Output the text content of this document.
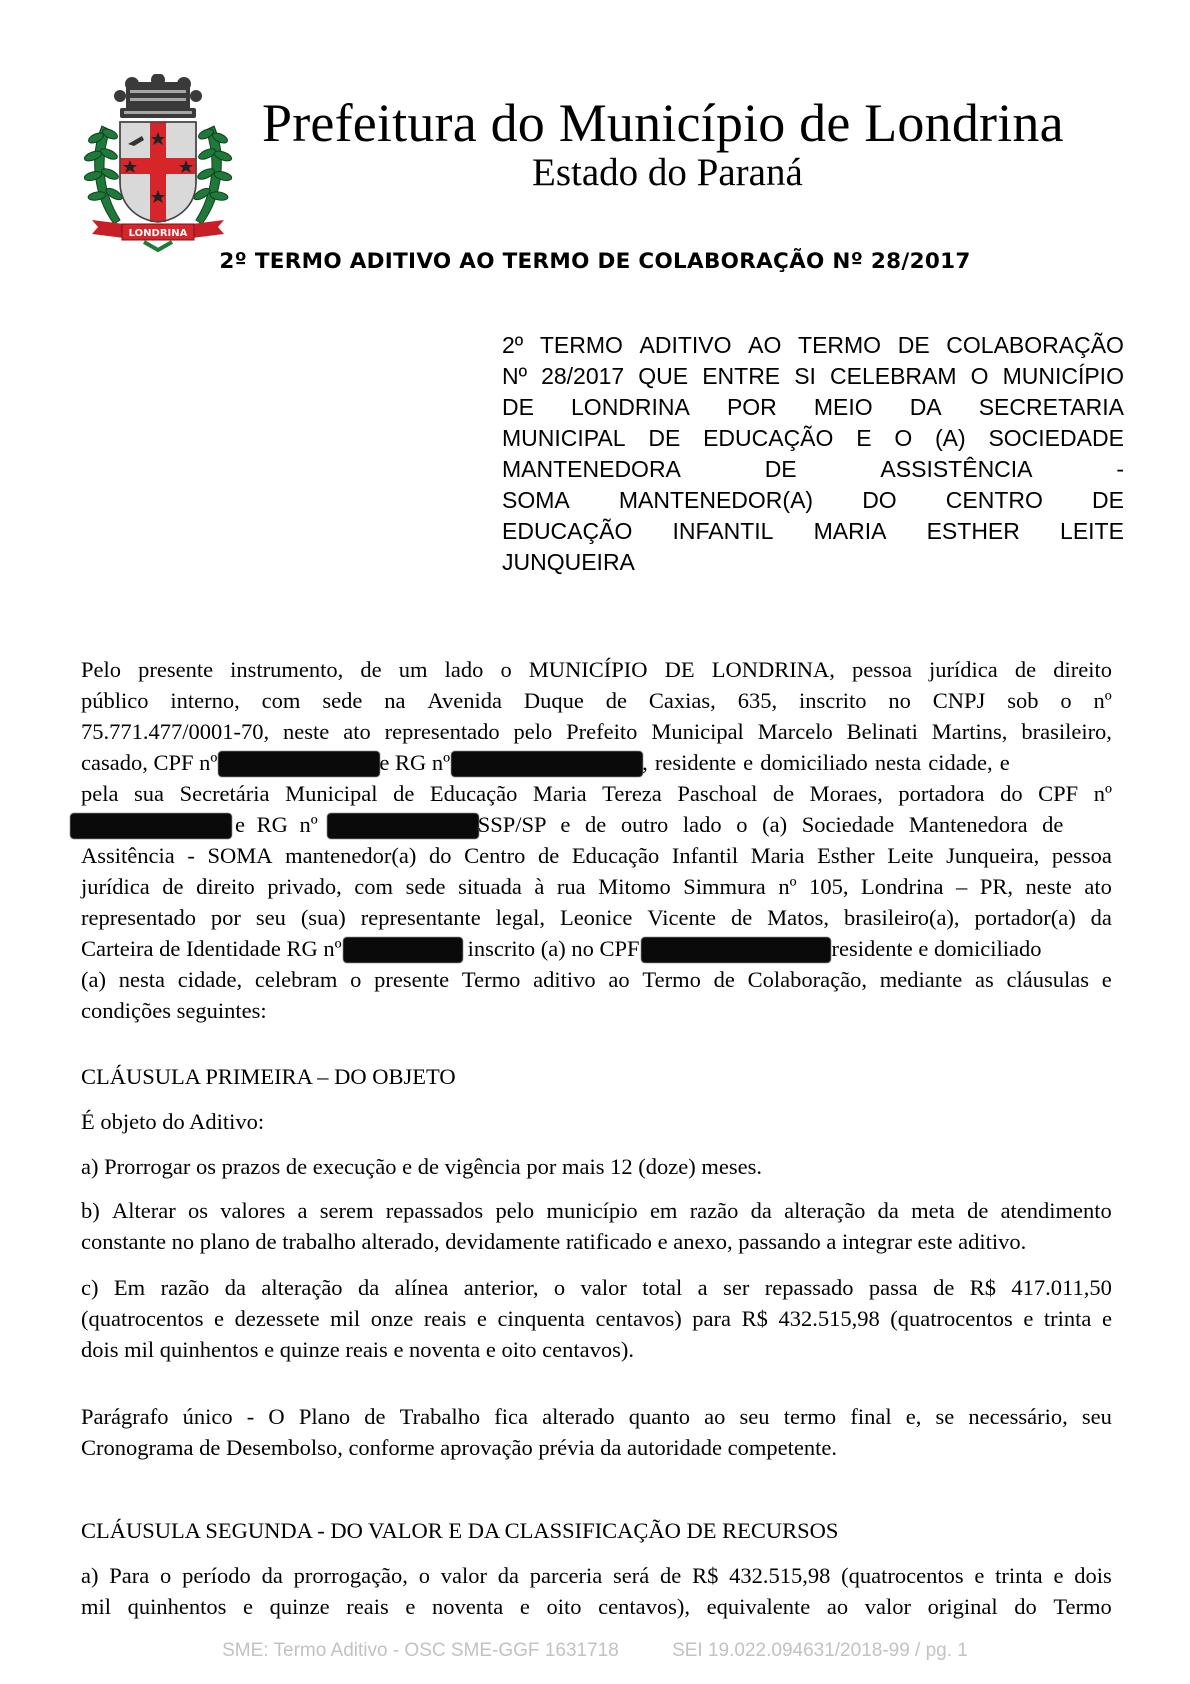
LONDRINA
Prefeitura do Município de Londrina
Estado do Paraná
2º TERMO ADITIVO AO TERMO DE COLABORAÇÃO Nº 28/2017
2º TERMO ADITIVO AO TERMO DE COLABORAÇÃO
Nº 28/2017 QUE ENTRE SI CELEBRAM O MUNICÍPIO
DE LONDRINA POR MEIO DA SECRETARIA
MUNICIPAL DE EDUCAÇÃO E O (A) SOCIEDADE
MANTENEDORA	DE	ASSISTÊNCIA	-
SOMA MANTENEDOR(A) DO CENTRO DE
EDUCAÇÃO INFANTIL MARIA ESTHER LEITE
JUNQUEIRA
Pelo presente instrumento, de um lado o MUNICÍPIO DE LONDRINA, pessoa jurídica de direito
público interno, com sede na Avenida Duque de Caxias, 635, inscrito no CNPJ sob o nº
75.771.477/0001-70, neste ato representado pelo Prefeito Municipal Marcelo Belinati Martins, brasileiro,
casado, CPF nº	e RG nº	, residente e domiciliado nesta cidade, e
pela sua Secretária Municipal de Educação Maria Tereza Paschoal de Moraes, portadora do CPF nº
e RG nº	SSP/SP e de outro lado o (a) Sociedade Mantenedora de
Assitência - SOMA mantenedor(a) do Centro de Educação Infantil Maria Esther Leite Junqueira, pessoa
jurídica de direito privado, com sede situada à rua Mitomo Simmura nº 105, Londrina – PR, neste ato
representado por seu (sua) representante legal, Leonice Vicente de Matos, brasileiro(a), portador(a) da
Carteira de Identidade RG nº	inscrito (a) no CPF	residente e domiciliado
(a) nesta cidade, celebram o presente Termo aditivo ao Termo de Colaboração, mediante as cláusulas e
condições seguintes:
CLÁUSULA PRIMEIRA – DO OBJETO
É objeto do Aditivo:
a) Prorrogar os prazos de execução e de vigência por mais 12 (doze) meses.
b) Alterar os valores a serem repassados pelo município em razão da alteração da meta de atendimento
constante no plano de trabalho alterado, devidamente ratificado e anexo, passando a integrar este aditivo.
c) Em razão da alteração da alínea anterior, o valor total a ser repassado passa de R$ 417.011,50
(quatrocentos e dezessete mil onze reais e cinquenta centavos) para R$ 432.515,98 (quatrocentos e trinta e
dois mil quinhentos e quinze reais e noventa e oito centavos).
Parágrafo único - O Plano de Trabalho fica alterado quanto ao seu termo final e, se necessário, seu
Cronograma de Desembolso, conforme aprovação prévia da autoridade competente.
CLÁUSULA SEGUNDA - DO VALOR E DA CLASSIFICAÇÃO DE RECURSOS
a) Para o período da prorrogação, o valor da parceria será de R$ 432.515,98 (quatrocentos e trinta e dois
mil quinhentos e quinze reais e noventa e oito centavos), equivalente ao valor original do Termo
SME: Termo Aditivo - OSC SME-GGF 1631718	SEI 19.022.094631/2018-99 / pg. 1
